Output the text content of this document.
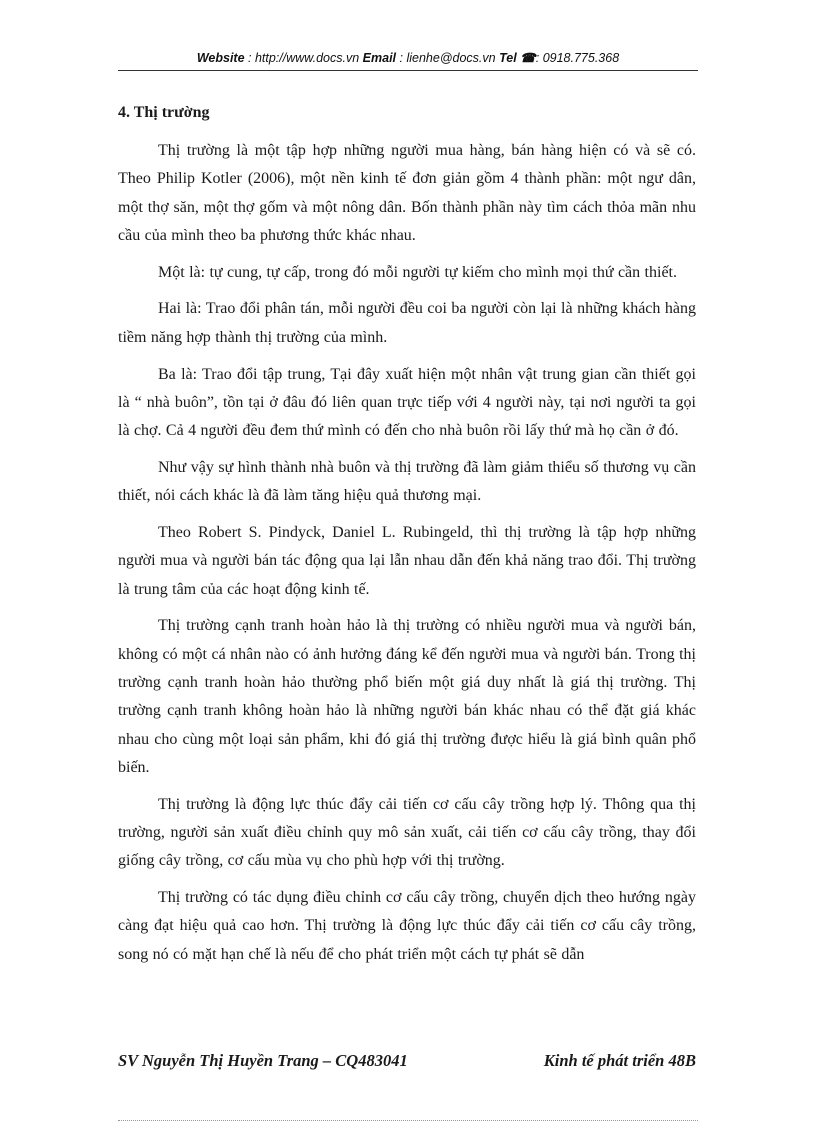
Website : http://www.docs.vn Email : lienhe@docs.vn Tel ☎: 0918.775.368
4. Thị trường

Thị trường là một tập hợp những người mua hàng, bán hàng hiện có và sẽ có. Theo Philip Kotler (2006), một nền kinh tế đơn giản gồm 4 thành phần: một ngư dân, một thợ săn, một thợ gốm và một nông dân. Bốn thành phần này tìm cách thỏa mãn nhu cầu của mình theo ba phương thức khác nhau.

Một là: tự cung, tự cấp, trong đó mỗi người tự kiếm cho mình mọi thứ cần thiết.

Hai là: Trao đổi phân tán, mỗi người đều coi ba người còn lại là những khách hàng tiềm năng hợp thành thị trường của mình.

Ba là: Trao đổi tập trung, Tại đây xuất hiện một nhân vật trung gian cần thiết gọi là “ nhà buôn”, tồn tại ở đâu đó liên quan trực tiếp với 4 người này, tại nơi người ta gọi là chợ. Cả 4 người đều đem thứ mình có đến cho nhà buôn rồi lấy thứ mà họ cần ở đó.

Như vậy sự hình thành nhà buôn và thị trường đã làm giảm thiểu số thương vụ cần thiết, nói cách khác là đã làm tăng hiệu quả thương mại.

Theo Robert S. Pindyck, Daniel L. Rubingeld, thì thị trường là tập hợp những người mua và người bán tác động qua lại lẫn nhau dẫn đến khả năng trao đổi. Thị trường là trung tâm của các hoạt động kinh tế.

Thị trường cạnh tranh hoàn hảo là thị trường có nhiều người mua và người bán, không có một cá nhân nào có ảnh hưởng đáng kể đến người mua và người bán. Trong thị trường cạnh tranh hoàn hảo thường phổ biến một giá duy nhất là giá thị trường. Thị trường cạnh tranh không hoàn hảo là những người bán khác nhau có thể đặt giá khác nhau cho cùng một loại sản phẩm, khi đó giá thị trường được hiểu là giá bình quân phổ biến.

Thị trường là động lực thúc đẩy cải tiến cơ cấu cây trồng hợp lý. Thông qua thị trường, người sản xuất điều chỉnh quy mô sản xuất, cải tiến cơ cấu cây trồng, thay đổi giống cây trồng, cơ cấu mùa vụ cho phù hợp với thị trường.

Thị trường có tác dụng điều chỉnh cơ cấu cây trồng, chuyển dịch theo hướng ngày càng đạt hiệu quả cao hơn. Thị trường là động lực thúc đẩy cải tiến cơ cấu cây trồng, song nó có mặt hạn chế là nếu để cho phát triển một cách tự phát sẽ dẫn

SV Nguyễn Thị Huyền Trang – CQ483041	Kinh tế phát triển 48B
